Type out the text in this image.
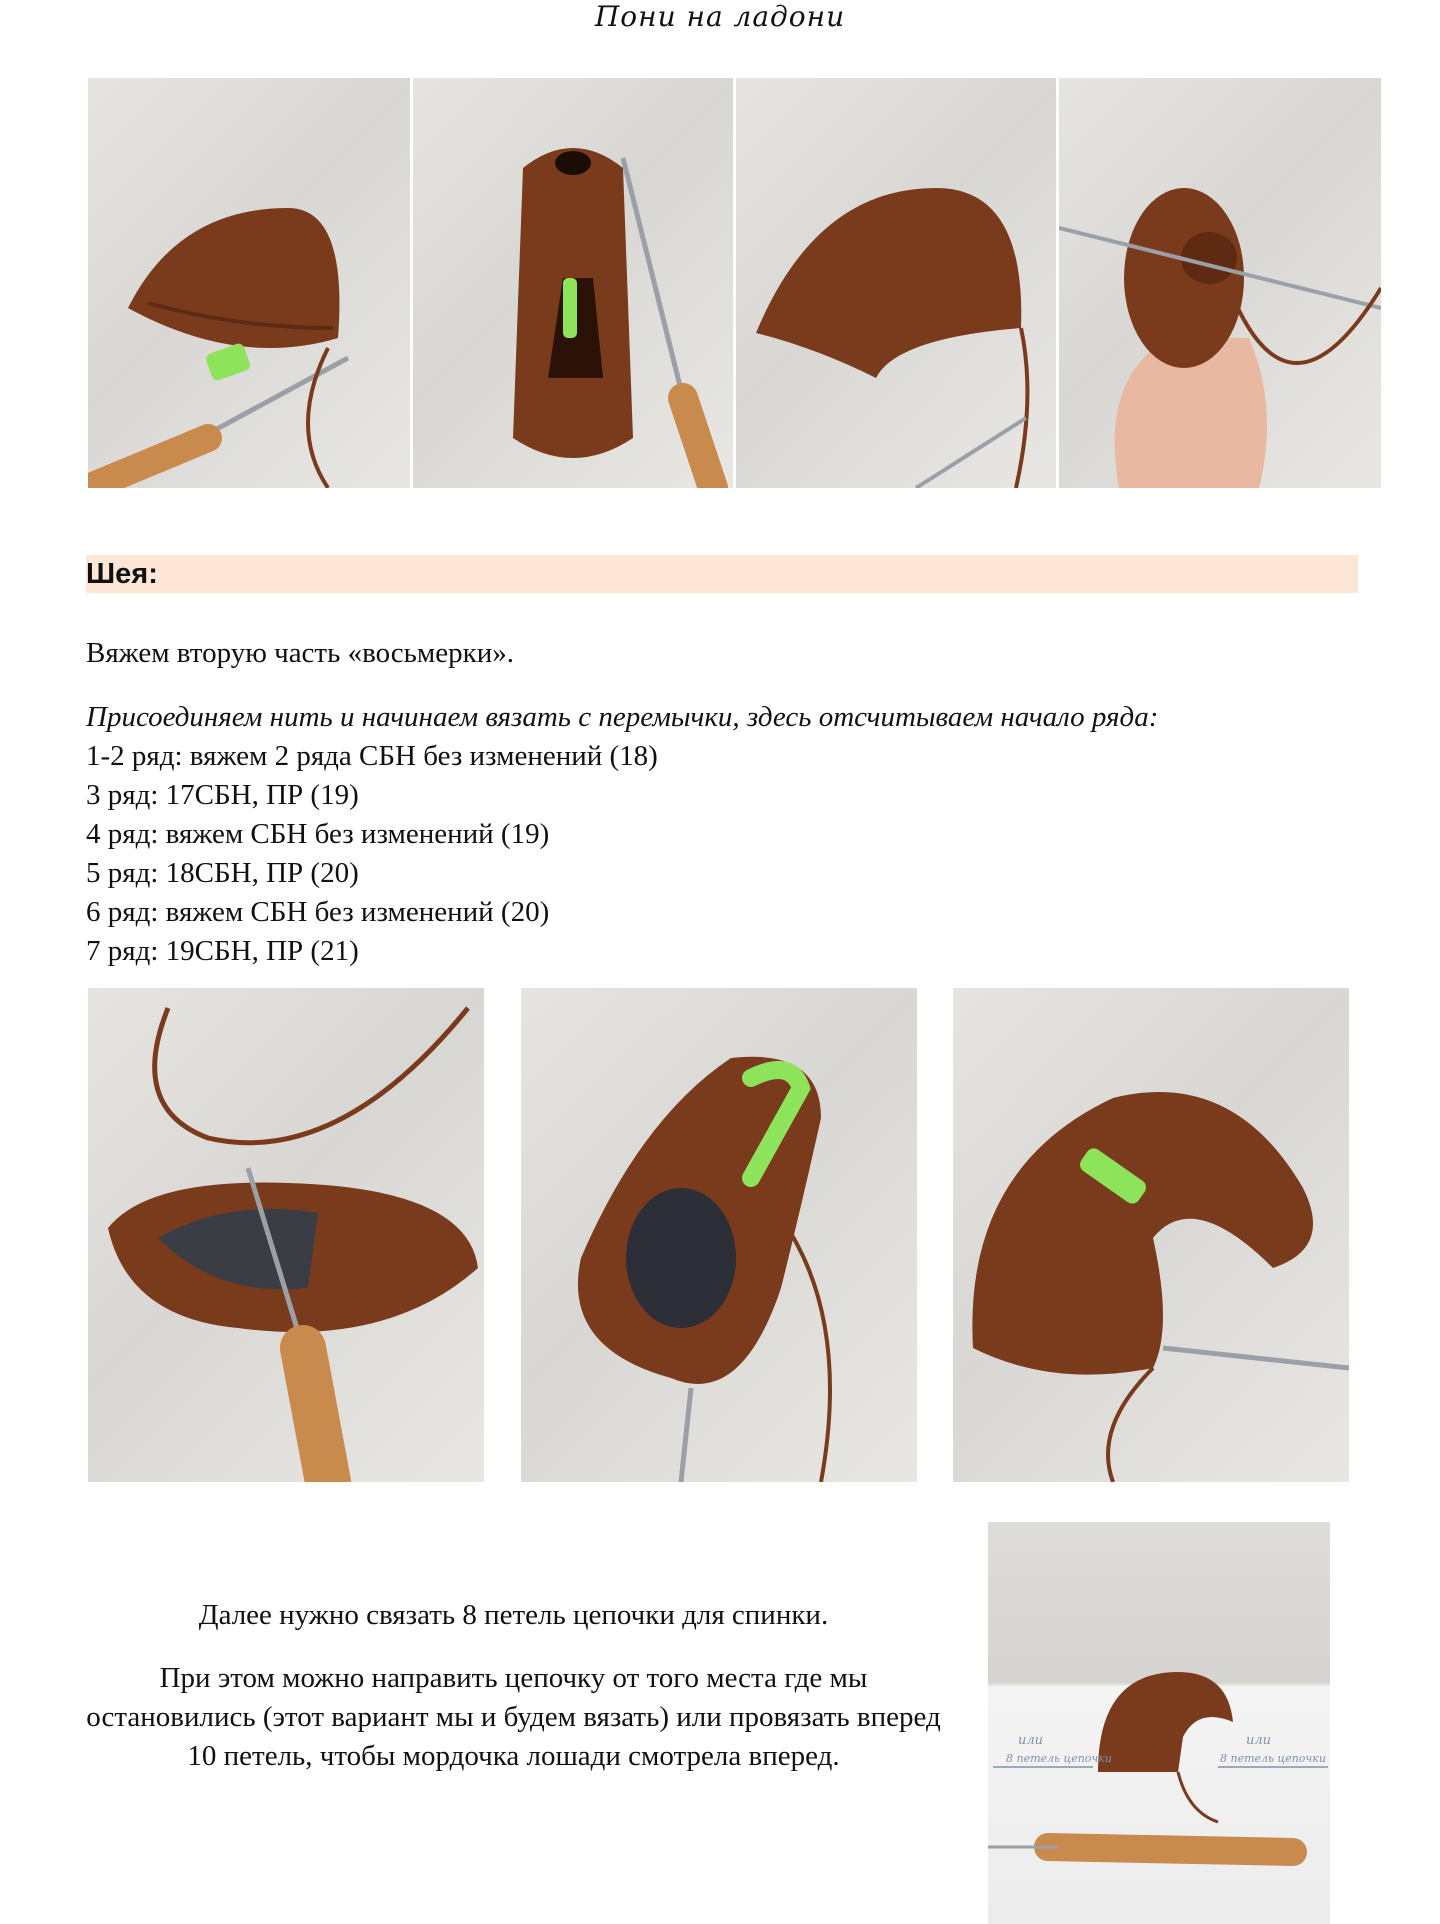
Пони на ладони
Шея:
Вяжем вторую часть «восьмерки».
Присоединяем нить и начинаем вязать с перемычки, здесь отсчитываем начало ряда:
1-2 ряд: вяжем 2 ряда СБН без изменений (18)
3 ряд: 17СБН, ПР (19)
4 ряд: вяжем СБН без изменений (19)
5 ряд: 18СБН, ПР (20)
6 ряд: вяжем СБН без изменений (20)
7 ряд: 19СБН, ПР (21)

Далее нужно связать 8 петель цепочки для спинки.

При этом можно направить цепочку от того места где мы остановились (этот вариант мы и будем вязать) или провязать вперед 10 петель, чтобы мордочка лошади смотрела вперед.	или
8 петель цепочки
или
8 петель цепочки
